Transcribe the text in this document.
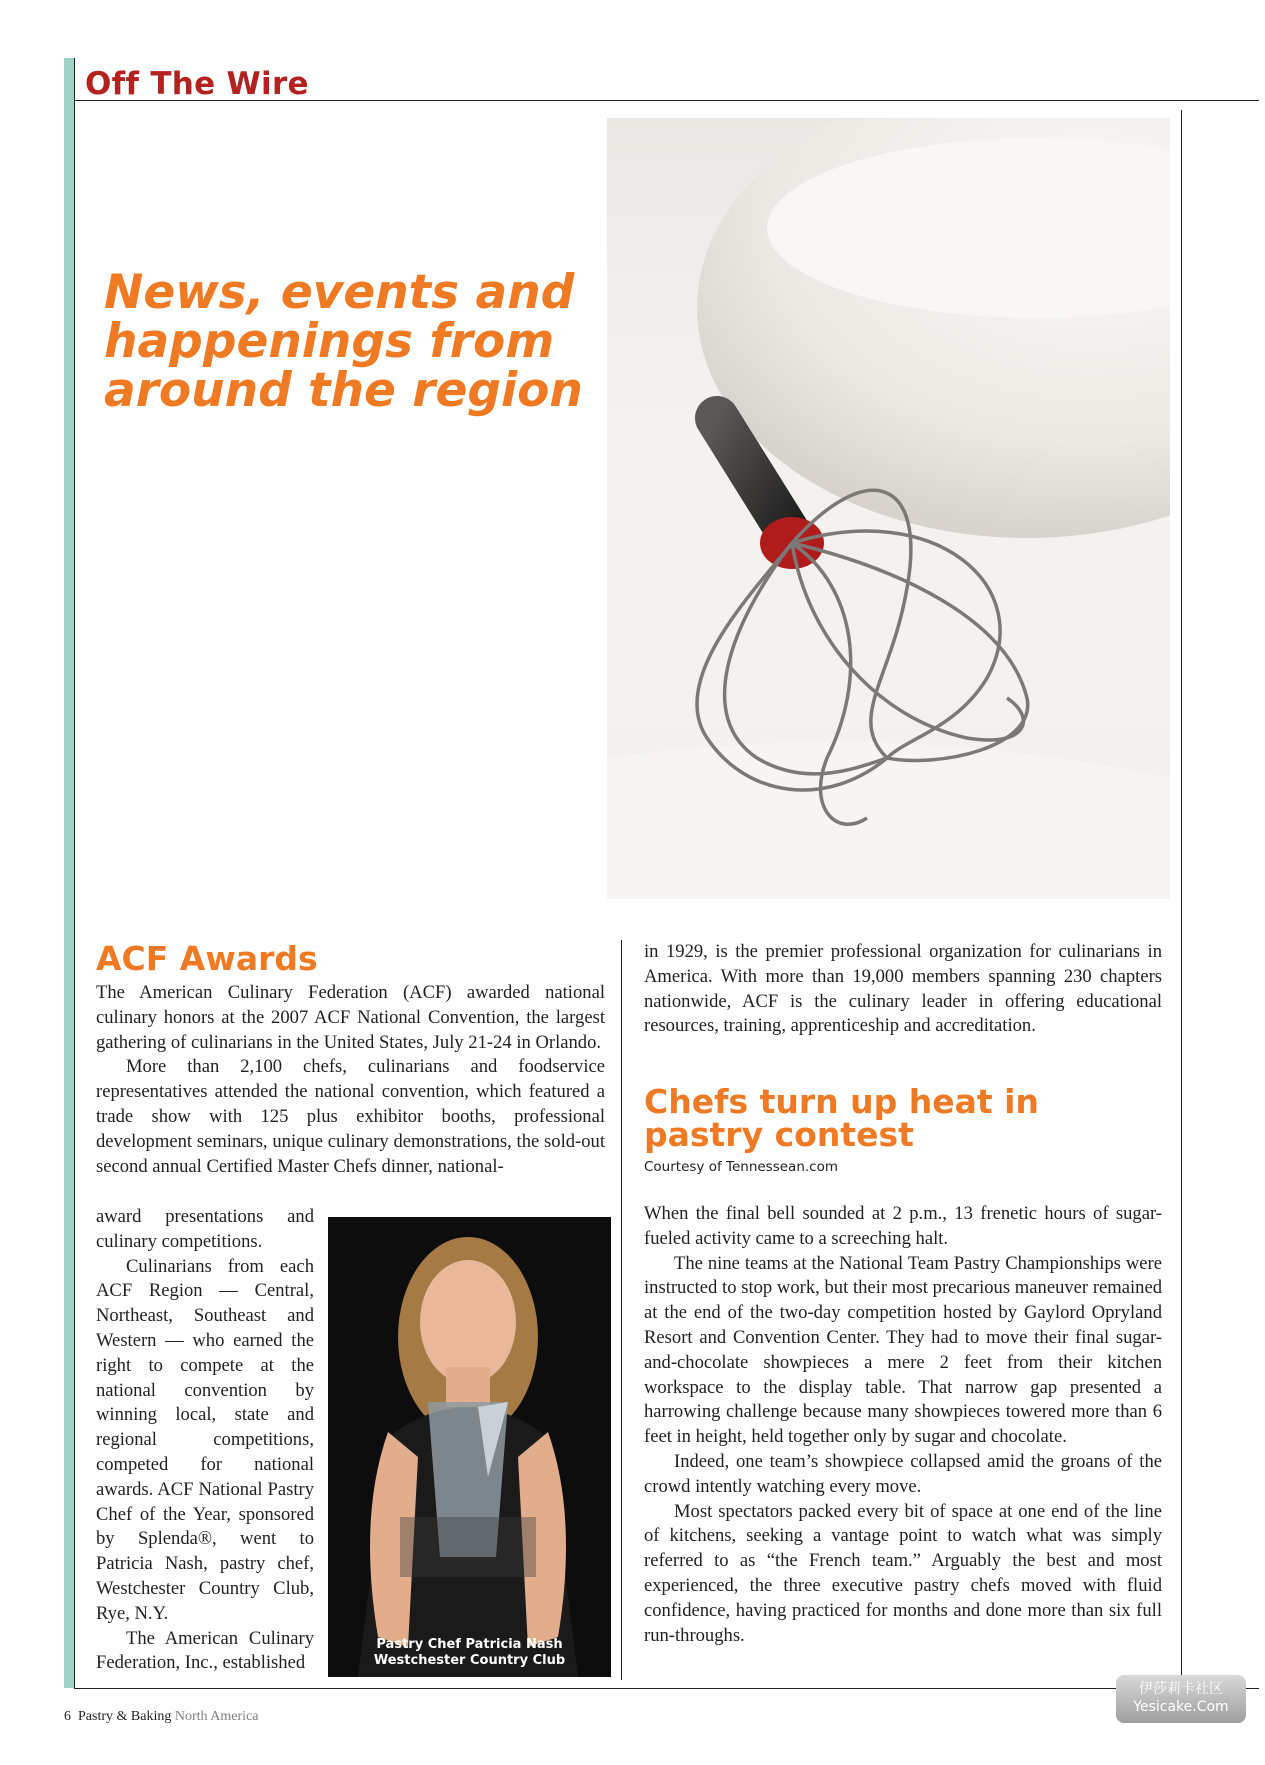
Off The Wire
News, events and
happenings from
around the region
ACF Awards

The American Culinary Federation (ACF) awarded national culinary honors at the 2007 ACF National Convention, the largest gathering of culinarians in the United States, July 21-24 in Orlando.

More than 2,100 chefs, culinarians and foodservice representatives attended the national convention, which featured a trade show with 125 plus exhibitor booths, professional development seminars, unique culinary demonstrations, the sold-out second annual Certified Master Chefs dinner, national-

award presentations and culinary competitions.

Culinarians from each ACF Region — Central, Northeast, Southeast and Western — who earned the right to compete at the national convention by winning local, state and regional competitions, competed for national awards. ACF National Pastry Chef of the Year, sponsored by Splenda®, went to Patricia Nash, pastry chef, Westchester Country Club, Rye, N.Y.

The American Culinary Federation, Inc., established

Pastry Chef Patricia Nash
Westchester Country Club

in 1929, is the premier professional organization for culinarians in America. With more than 19,000 members spanning 230 chapters nationwide, ACF is the culinary leader in offering educational resources, training, apprenticeship and accreditation.

Chefs turn up heat in
pastry contest

Courtesy of Tennessean.com

When the final bell sounded at 2 p.m., 13 frenetic hours of sugar-fueled activity came to a screeching halt.

The nine teams at the National Team Pastry Championships were instructed to stop work, but their most precarious maneuver remained at the end of the two-day competition hosted by Gaylord Opryland Resort and Convention Center. They had to move their final sugar-and-chocolate showpieces a mere 2 feet from their kitchen workspace to the display table. That narrow gap presented a harrowing challenge because many showpieces towered more than 6 feet in height, held together only by sugar and chocolate.

Indeed, one team’s showpiece collapsed amid the groans of the crowd intently watching every move.

Most spectators packed every bit of space at one end of the line of kitchens, seeking a vantage point to watch what was simply referred to as “the French team.” Arguably the best and most experienced, the three executive pastry chefs moved with fluid confidence, having practiced for months and done more than six full run-throughs.

6 Pastry & Baking North America
伊莎莉卡社区
Yesicake.Com
